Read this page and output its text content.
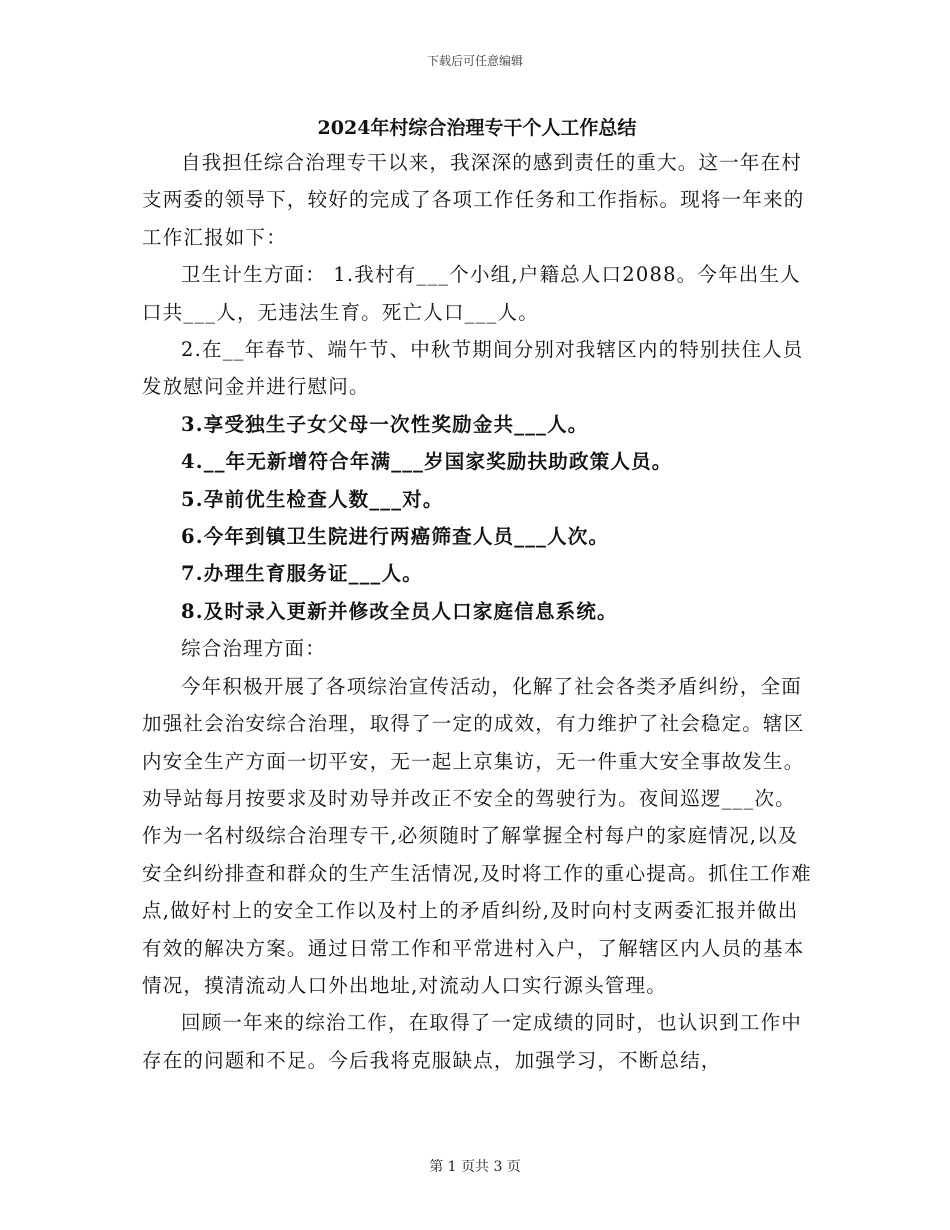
下载后可任意编辑
2024年村综合治理专干个人工作总结

自我担任综合治理专干以来，我深深的感到责任的重大。这一年在村支两委的领导下，较好的完成了各项工作任务和工作指标。现将一年来的工作汇报如下：

卫生计生方面： 1.我村有___个小组,户籍总人口2088。今年出生人口共___人，无违法生育。死亡人口___人。

2.在__年春节、端午节、中秋节期间分别对我辖区内的特别扶住人员发放慰问金并进行慰问。

3.享受独生子女父母一次性奖励金共___人。

4.__年无新增符合年满___岁国家奖励扶助政策人员。

5.孕前优生检查人数___对。

6.今年到镇卫生院进行两癌筛查人员___人次。

7.办理生育服务证___人。

8.及时录入更新并修改全员人口家庭信息系统。

综合治理方面：

今年积极开展了各项综治宣传活动，化解了社会各类矛盾纠纷，全面加强社会治安综合治理，取得了一定的成效，有力维护了社会稳定。辖区内安全生产方面一切平安，无一起上京集访，无一件重大安全事故发生。劝导站每月按要求及时劝导并改正不安全的驾驶行为。夜间巡逻___次。 作为一名村级综合治理专干,必须随时了解掌握全村每户的家庭情况,以及安全纠纷排查和群众的生产生活情况,及时将工作的重心提高。抓住工作难点,做好村上的安全工作以及村上的矛盾纠纷,及时向村支两委汇报并做出有效的解决方案。通过日常工作和平常进村入户，了解辖区内人员的基本情况，摸清流动人口外出地址,对流动人口实行源头管理。

回顾一年来的综治工作，在取得了一定成绩的同时，也认识到工作中存在的问题和不足。今后我将克服缺点，加强学习，不断总结，

第 1 页共 3 页
